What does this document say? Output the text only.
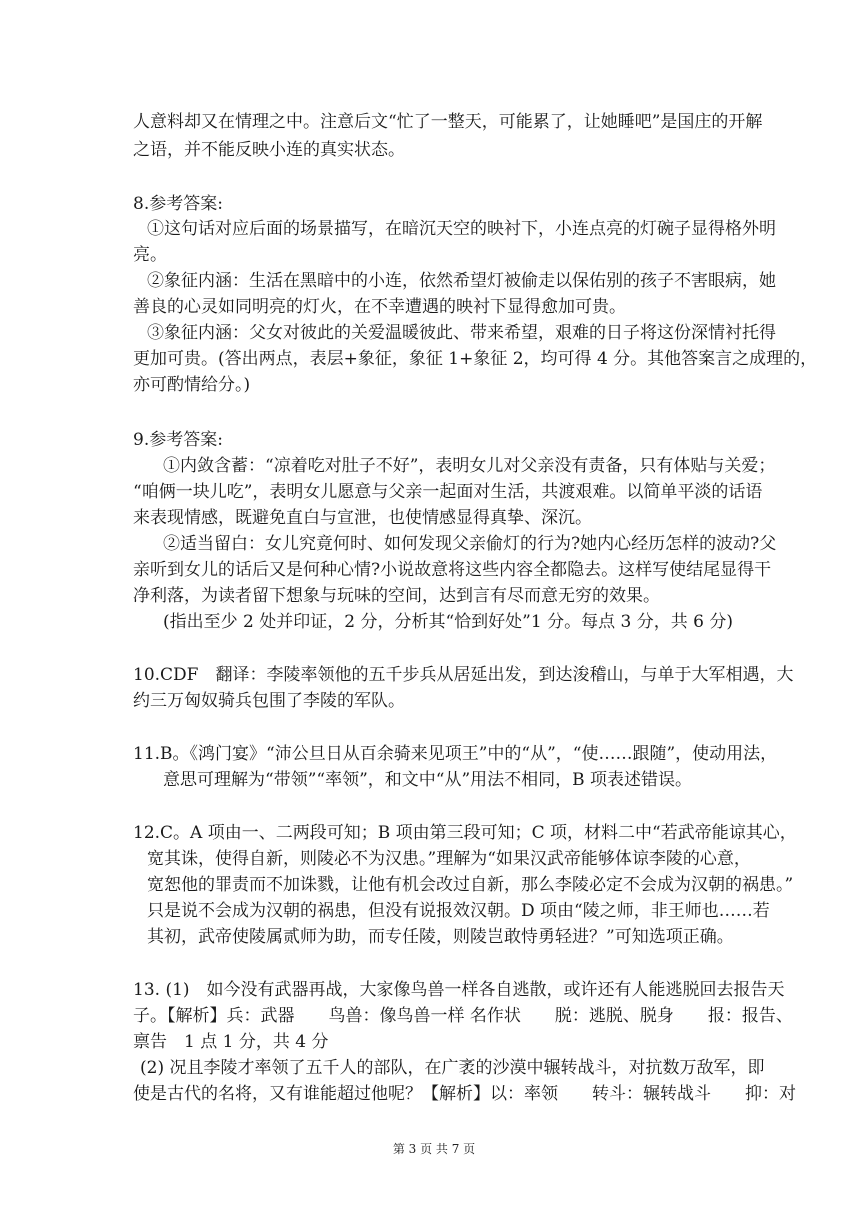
人意料却又在情理之中。注意后文“忙了一整天，可能累了，让她睡吧”是国庄的开解
之语，并不能反映小连的真实状态。
8.参考答案:
①这句话对应后面的场景描写，在暗沉天空的映衬下，小连点亮的灯碗子显得格外明
亮。
②象征内涵：生活在黑暗中的小连，依然希望灯被偷走以保佑别的孩子不害眼病，她
善良的心灵如同明亮的灯火，在不幸遭遇的映衬下显得愈加可贵。
③象征内涵：父女对彼此的关爱温暖彼此、带来希望，艰难的日子将这份深情衬托得
更加可贵。(答出两点，表层+象征，象征 1+象征 2，均可得 4 分。其他答案言之成理的，
亦可酌情给分。)
9.参考答案:
①内敛含蓄：“凉着吃对肚子不好”，表明女儿对父亲没有责备，只有体贴与关爱；
“咱俩一块儿吃”，表明女儿愿意与父亲一起面对生活，共渡艰难。以简单平淡的话语
来表现情感，既避免直白与宣泄，也使情感显得真挚、深沉。
②适当留白：女儿究竟何时、如何发现父亲偷灯的行为?她内心经历怎样的波动?父
亲听到女儿的话后又是何种心情?小说故意将这些内容全都隐去。这样写使结尾显得干
净利落，为读者留下想象与玩味的空间，达到言有尽而意无穷的效果。
(指出至少 2 处并印证，2 分，分析其“恰到好处”1 分。每点 3 分，共 6 分)
10.CDF　翻译：李陵率领他的五千步兵从居延出发，到达浚稽山，与单于大军相遇，大
约三万匈奴骑兵包围了李陵的军队。
11.B。《鸿门宴》“沛公旦日从百余骑来见项王”中的“从”，“使……跟随”，使动用法，
意思可理解为“带领”“率领”，和文中“从”用法不相同，B 项表述错误。
12.C。A 项由一、二两段可知；B 项由第三段可知；C 项，材料二中“若武帝能谅其心，
宽其诛，使得自新，则陵必不为汉患。”理解为“如果汉武帝能够体谅李陵的心意，
宽恕他的罪责而不加诛戮，让他有机会改过自新，那么李陵必定不会成为汉朝的祸患。”
只是说不会成为汉朝的祸患，但没有说报效汉朝。D 项由“陵之师，非王师也……若
其初，武帝使陵属贰师为助，而专任陵，则陵岂敢恃勇轻进？”可知选项正确。
13. (1)　如今没有武器再战，大家像鸟兽一样各自逃散，或许还有人能逃脱回去报告天
子。【解析】兵：武器　　鸟兽：像鸟兽一样 名作状　　脱：逃脱、脱身　　报：报告、
禀告　1 点 1 分，共 4 分
(2) 况且李陵才率领了五千人的部队，在广袤的沙漠中辗转战斗，对抗数万敌军，即
使是古代的名将，又有谁能超过他呢？【解析】以：率领　　转斗：辗转战斗　　抑：对
第 3 页 共 7 页
